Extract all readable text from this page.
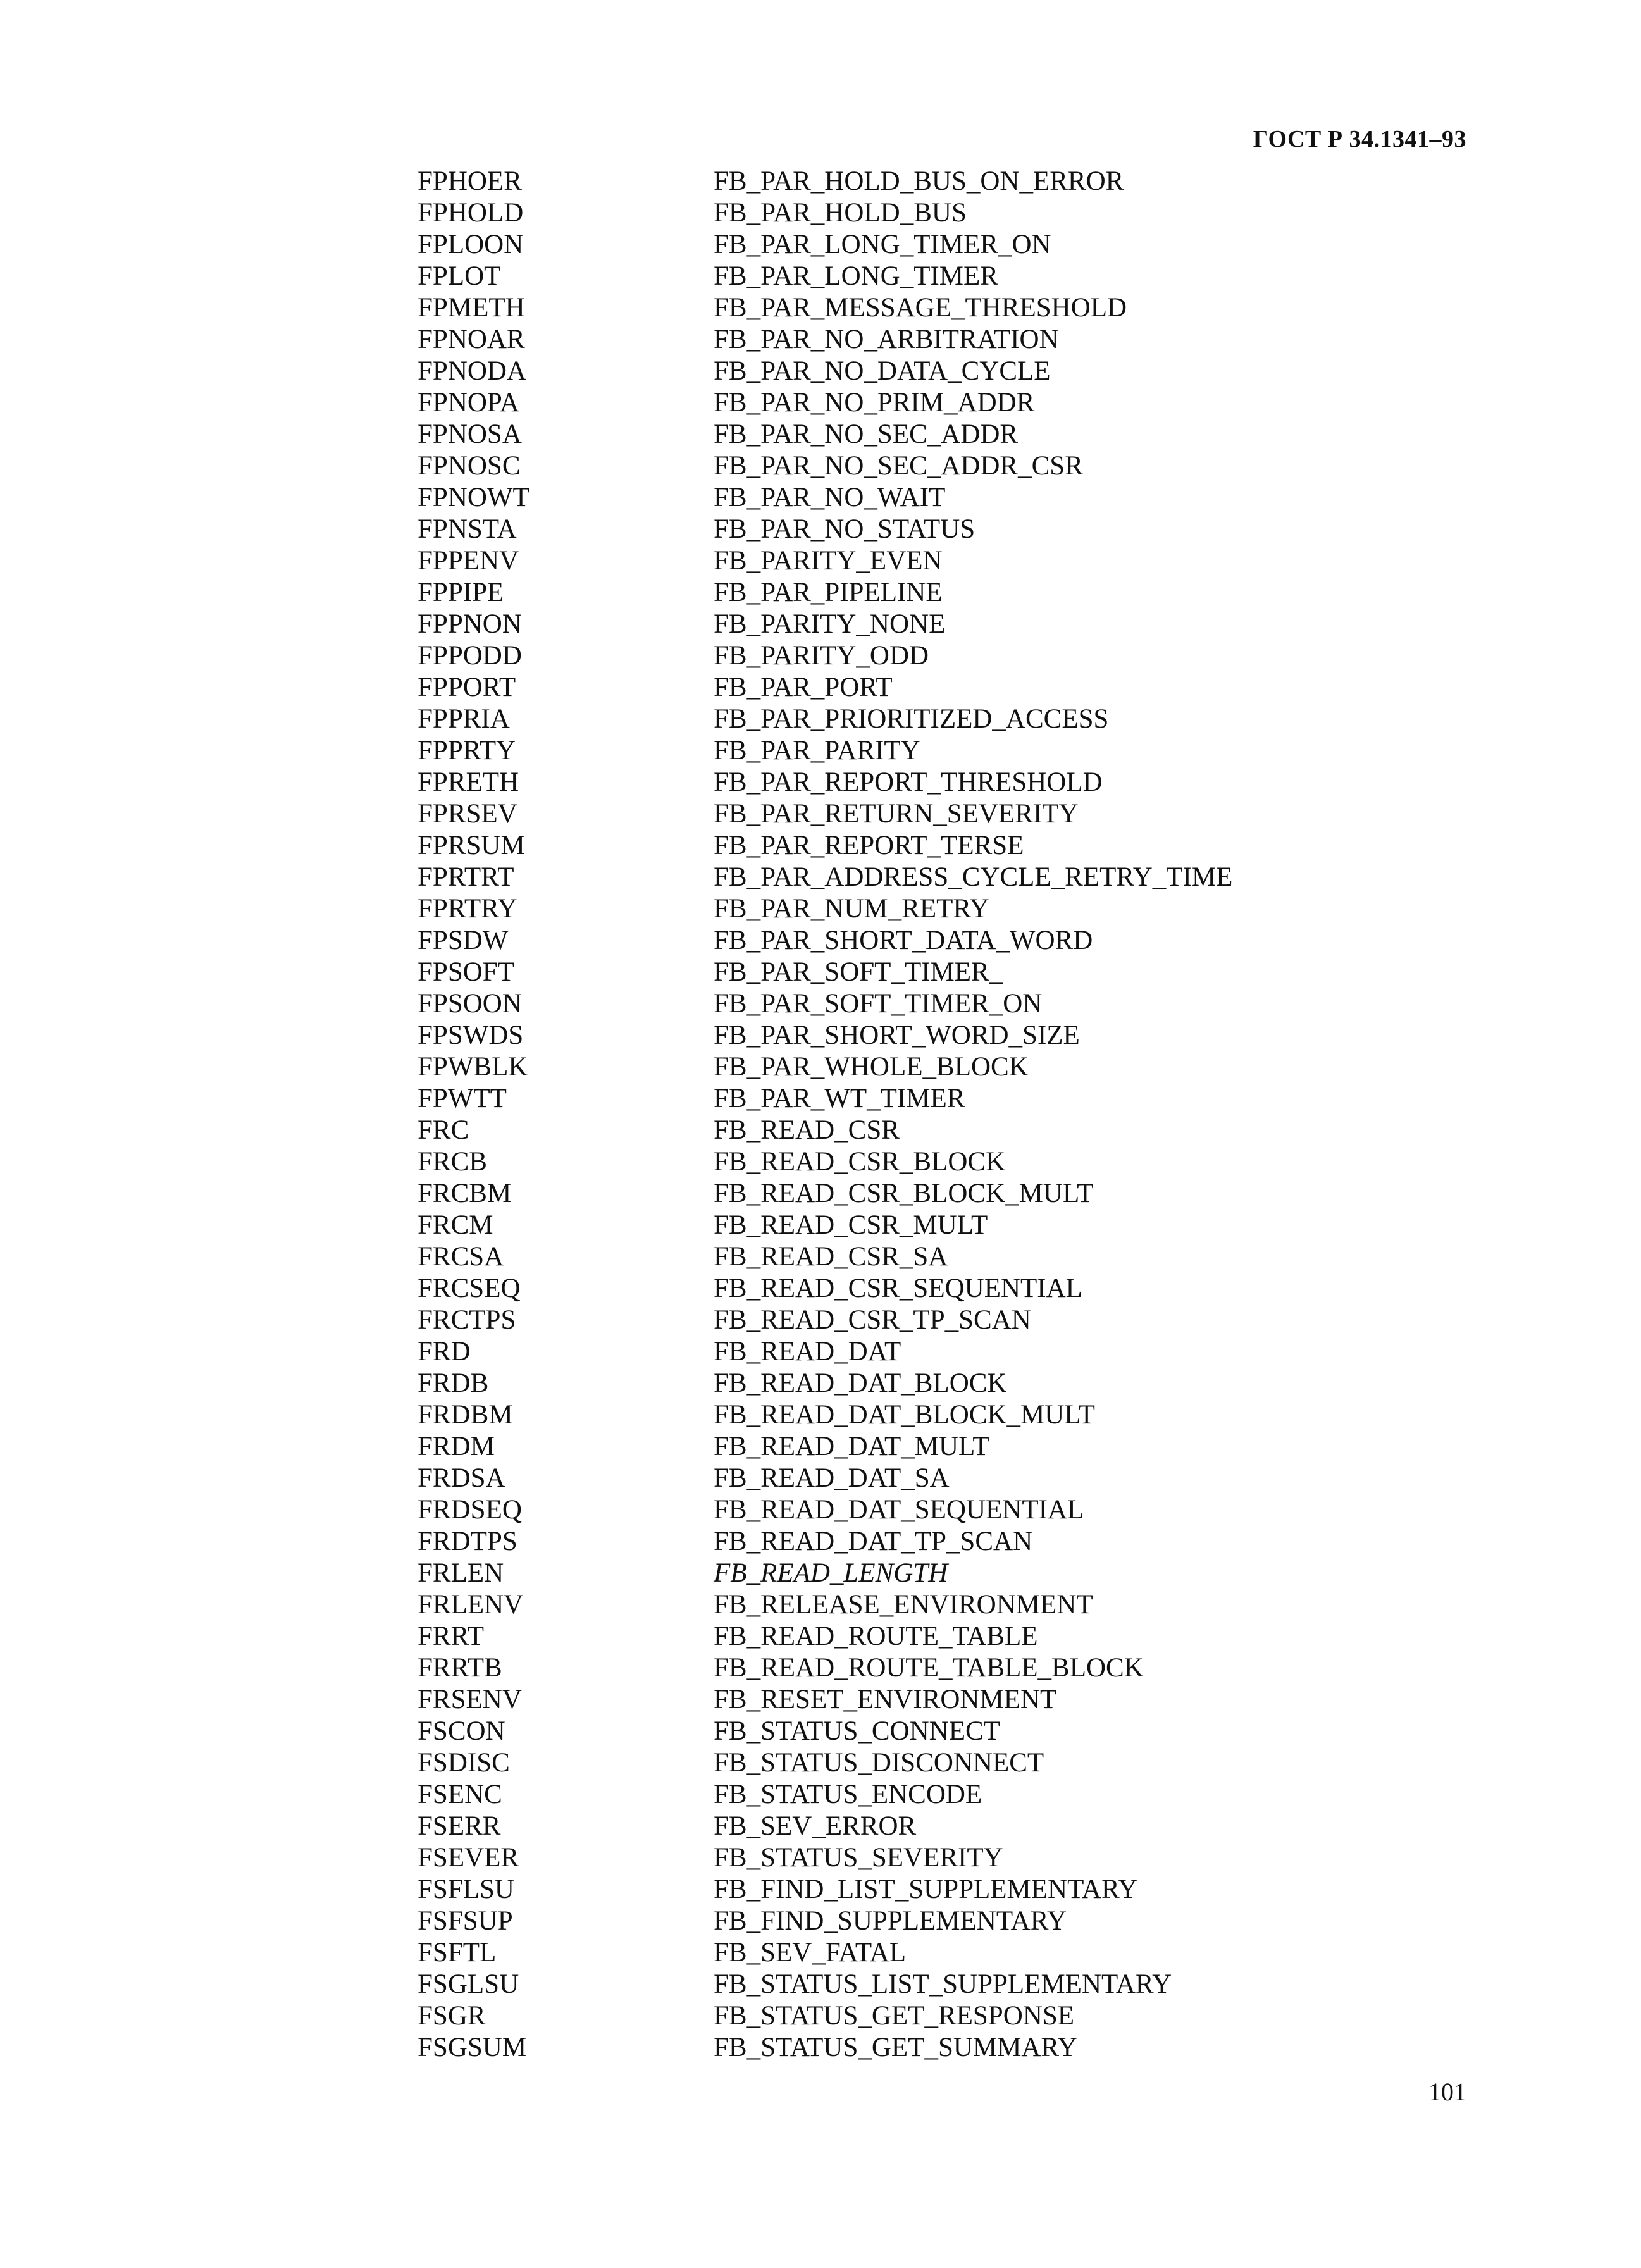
ГОСТ Р 34.1341–93
FPHOER	FB_PAR_HOLD_BUS_ON_ERROR
FPHOLD	FB_PAR_HOLD_BUS
FPLOON	FB_PAR_LONG_TIMER_ON
FPLOT	FB_PAR_LONG_TIMER
FPMETH	FB_PAR_MESSAGE_THRESHOLD
FPNOAR	FB_PAR_NO_ARBITRATION
FPNODA	FB_PAR_NO_DATA_CYCLE
FPNOPA	FB_PAR_NO_PRIM_ADDR
FPNOSA	FB_PAR_NO_SEC_ADDR
FPNOSC	FB_PAR_NO_SEC_ADDR_CSR
FPNOWT	FB_PAR_NO_WAIT
FPNSTA	FB_PAR_NO_STATUS
FPPENV	FB_PARITY_EVEN
FPPIPE	FB_PAR_PIPELINE
FPPNON	FB_PARITY_NONE
FPPODD	FB_PARITY_ODD
FPPORT	FB_PAR_PORT
FPPRIA	FB_PAR_PRIORITIZED_ACCESS
FPPRTY	FB_PAR_PARITY
FPRETH	FB_PAR_REPORT_THRESHOLD
FPRSEV	FB_PAR_RETURN_SEVERITY
FPRSUM	FB_PAR_REPORT_TERSE
FPRTRT	FB_PAR_ADDRESS_CYCLE_RETRY_TIME
FPRTRY	FB_PAR_NUM_RETRY
FPSDW	FB_PAR_SHORT_DATA_WORD
FPSOFT	FB_PAR_SOFT_TIMER_
FPSOON	FB_PAR_SOFT_TIMER_ON
FPSWDS	FB_PAR_SHORT_WORD_SIZE
FPWBLK	FB_PAR_WHOLE_BLOCK
FPWTT	FB_PAR_WT_TIMER
FRC	FB_READ_CSR
FRCB	FB_READ_CSR_BLOCK
FRCBM	FB_READ_CSR_BLOCK_MULT
FRCM	FB_READ_CSR_MULT
FRCSA	FB_READ_CSR_SA
FRCSEQ	FB_READ_CSR_SEQUENTIAL
FRCTPS	FB_READ_CSR_TP_SCAN
FRD	FB_READ_DAT
FRDB	FB_READ_DAT_BLOCK
FRDBM	FB_READ_DAT_BLOCK_MULT
FRDM	FB_READ_DAT_MULT
FRDSA	FB_READ_DAT_SA
FRDSEQ	FB_READ_DAT_SEQUENTIAL
FRDTPS	FB_READ_DAT_TP_SCAN
FRLEN	FB_READ_LENGTH
FRLENV	FB_RELEASE_ENVIRONMENT
FRRT	FB_READ_ROUTE_TABLE
FRRTB	FB_READ_ROUTE_TABLE_BLOCK
FRSENV	FB_RESET_ENVIRONMENT
FSCON	FB_STATUS_CONNECT
FSDISC	FB_STATUS_DISCONNECT
FSENC	FB_STATUS_ENCODE
FSERR	FB_SEV_ERROR
FSEVER	FB_STATUS_SEVERITY
FSFLSU	FB_FIND_LIST_SUPPLEMENTARY
FSFSUP	FB_FIND_SUPPLEMENTARY
FSFTL	FB_SEV_FATAL
FSGLSU	FB_STATUS_LIST_SUPPLEMENTARY
FSGR	FB_STATUS_GET_RESPONSE
FSGSUM	FB_STATUS_GET_SUMMARY
101
